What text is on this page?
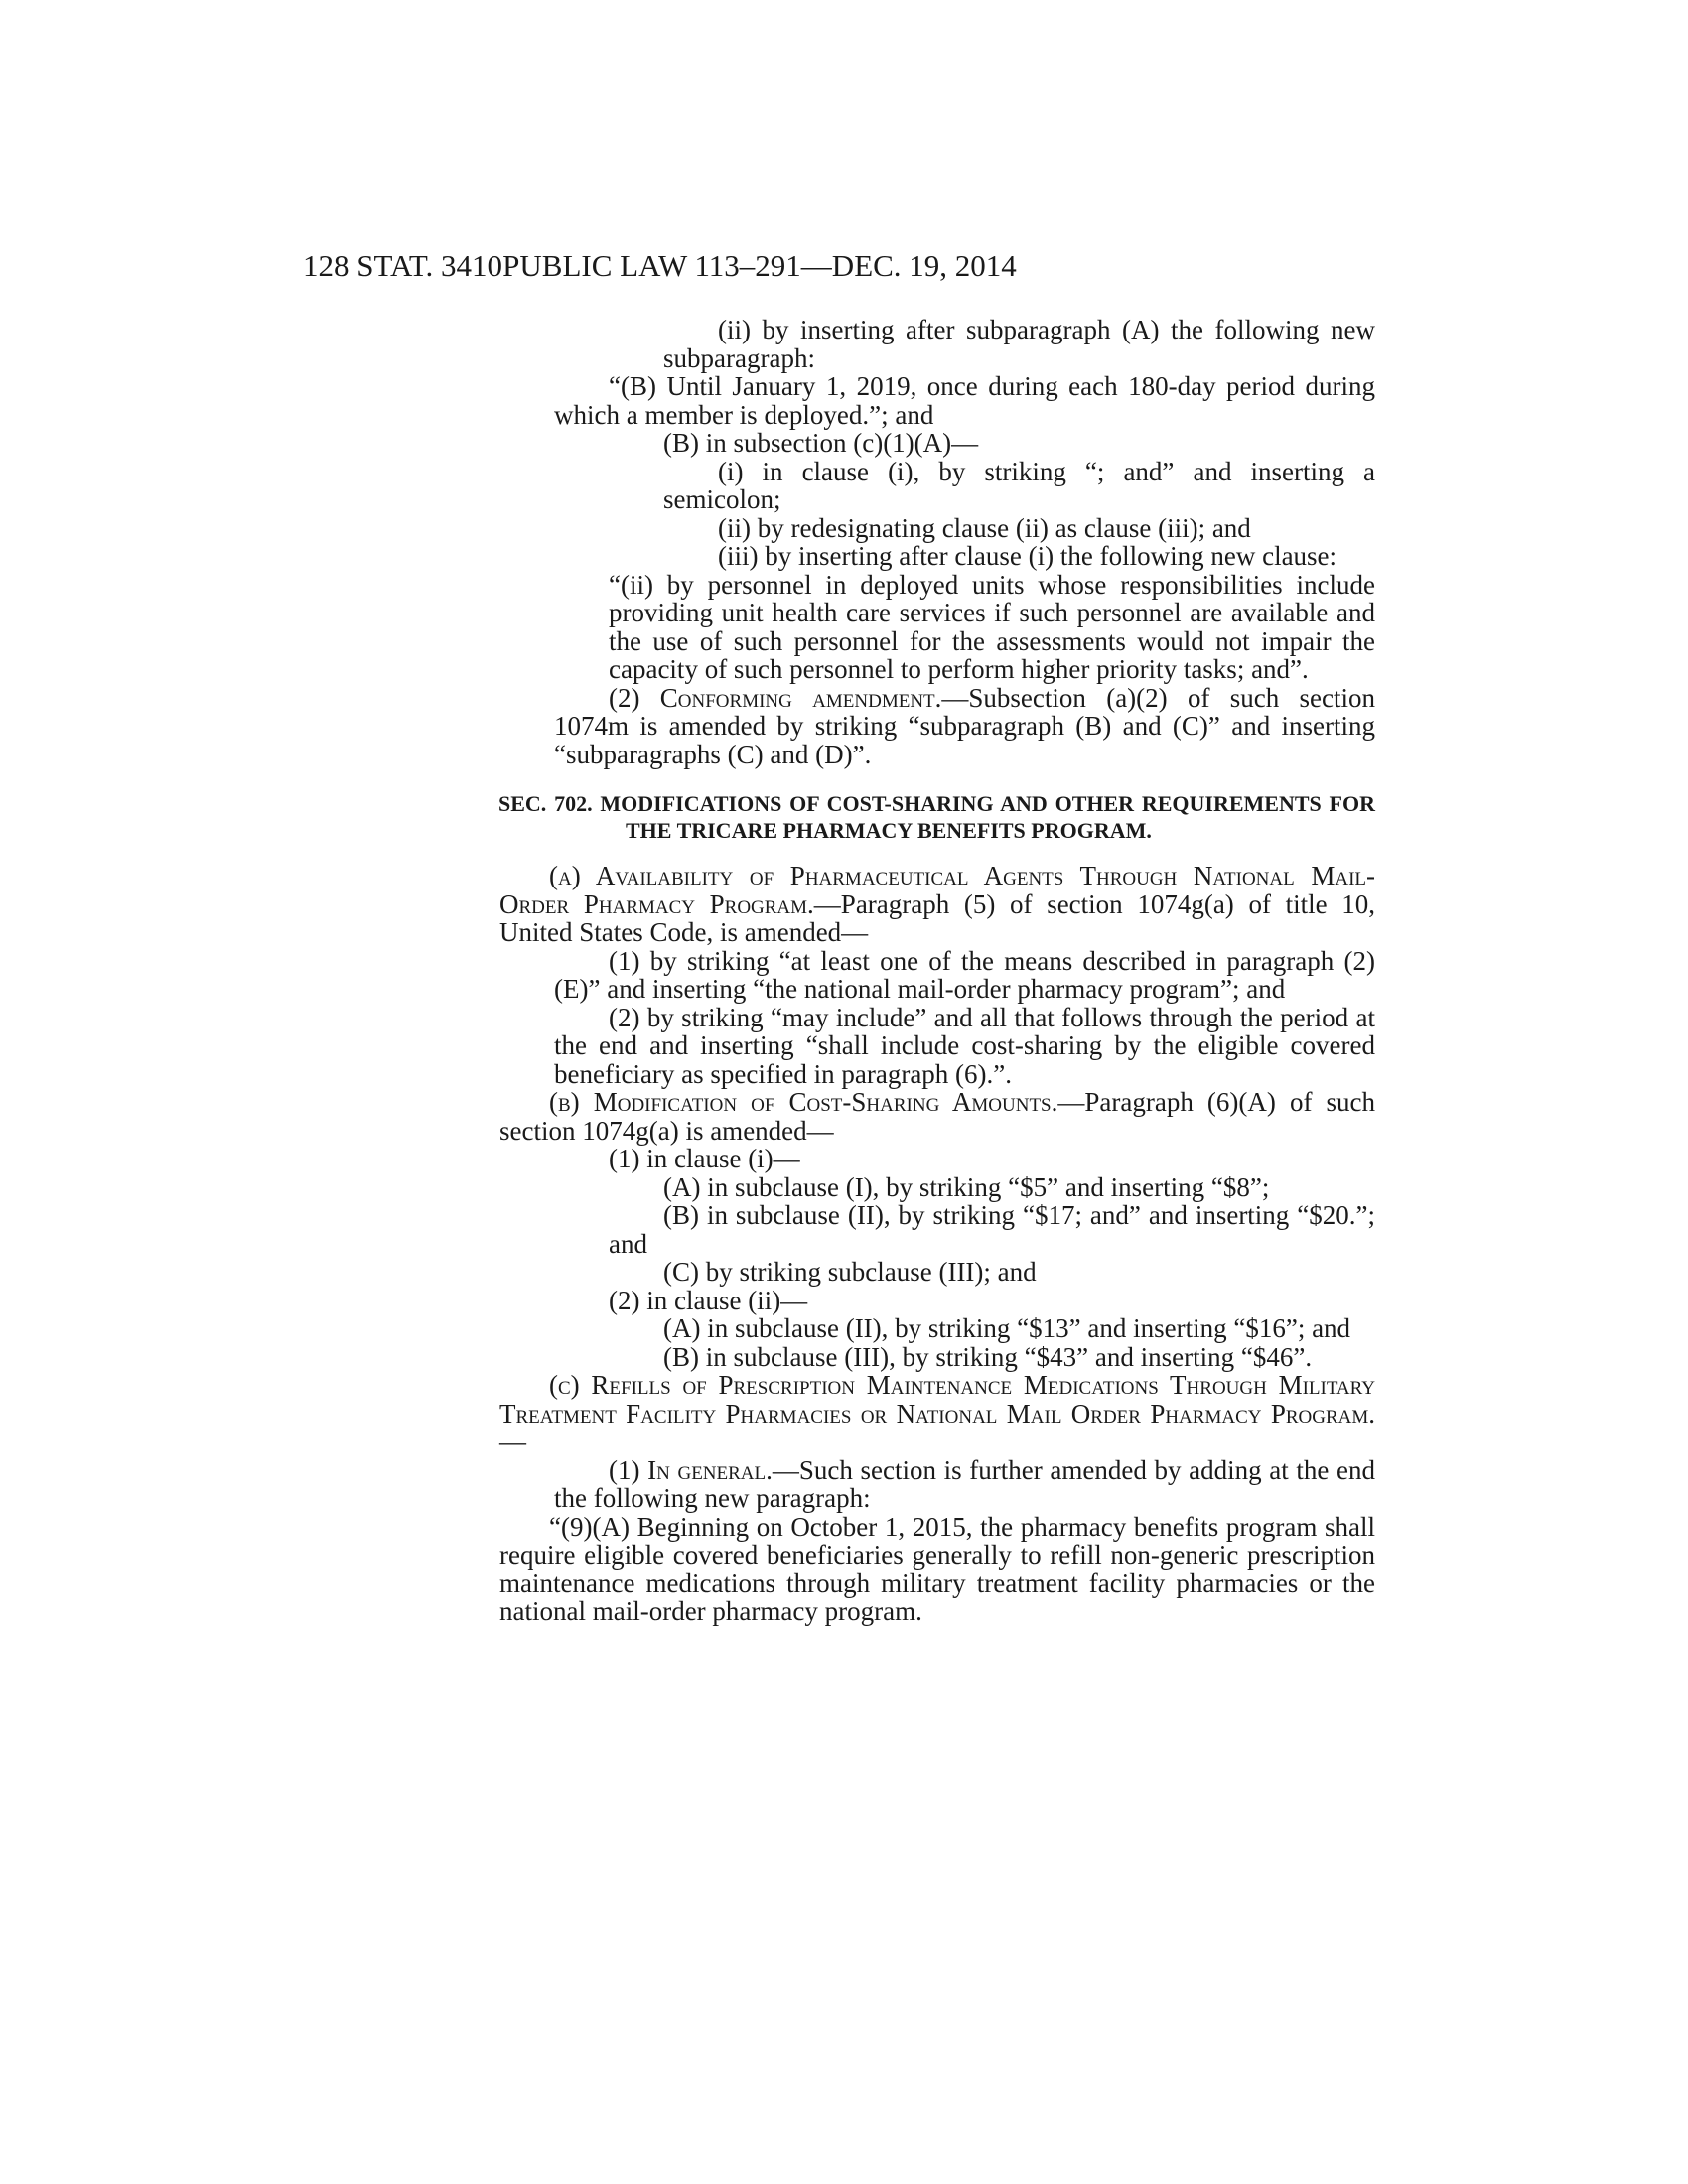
128 STAT. 3410 PUBLIC LAW 113–291—DEC. 19, 2014

(ii) by inserting after subparagraph (A) the following new subparagraph:

“(B) Until January 1, 2019, once during each 180-day period during which a member is deployed.”; and

(B) in subsection (c)(1)(A)—

(i) in clause (i), by striking “; and” and inserting a semicolon;

(ii) by redesignating clause (ii) as clause (iii); and

(iii) by inserting after clause (i) the following new clause:

“(ii) by personnel in deployed units whose responsibilities include providing unit health care services if such personnel are available and the use of such personnel for the assessments would not impair the capacity of such personnel to perform higher priority tasks; and”.

(2) Conforming amendment.—Subsection (a)(2) of such section 1074m is amended by striking “subparagraph (B) and (C)” and inserting “subparagraphs (C) and (D)”.

SEC. 702. MODIFICATIONS OF COST-SHARING AND OTHER REQUIREMENTS FOR THE TRICARE PHARMACY BENEFITS PROGRAM.

(a) Availability of Pharmaceutical Agents Through National Mail-Order Pharmacy Program.—Paragraph (5) of section 1074g(a) of title 10, United States Code, is amended—

(1) by striking “at least one of the means described in paragraph (2)(E)” and inserting “the national mail-order pharmacy program”; and

(2) by striking “may include” and all that follows through the period at the end and inserting “shall include cost-sharing by the eligible covered beneficiary as specified in paragraph (6).”.

(b) Modification of Cost-Sharing Amounts.—Paragraph (6)(A) of such section 1074g(a) is amended—

(1) in clause (i)—

(A) in subclause (I), by striking “$5” and inserting “$8”;

(B) in subclause (II), by striking “$17; and” and inserting “$20.”; and

(C) by striking subclause (III); and

(2) in clause (ii)—

(A) in subclause (II), by striking “$13” and inserting “$16”; and

(B) in subclause (III), by striking “$43” and inserting “$46”.

(c) Refills of Prescription Maintenance Medications Through Military Treatment Facility Pharmacies or National Mail Order Pharmacy Program.—

(1) In general.—Such section is further amended by adding at the end the following new paragraph:

“(9)(A) Beginning on October 1, 2015, the pharmacy benefits program shall require eligible covered beneficiaries generally to refill non-generic prescription maintenance medications through military treatment facility pharmacies or the national mail-order pharmacy program.
